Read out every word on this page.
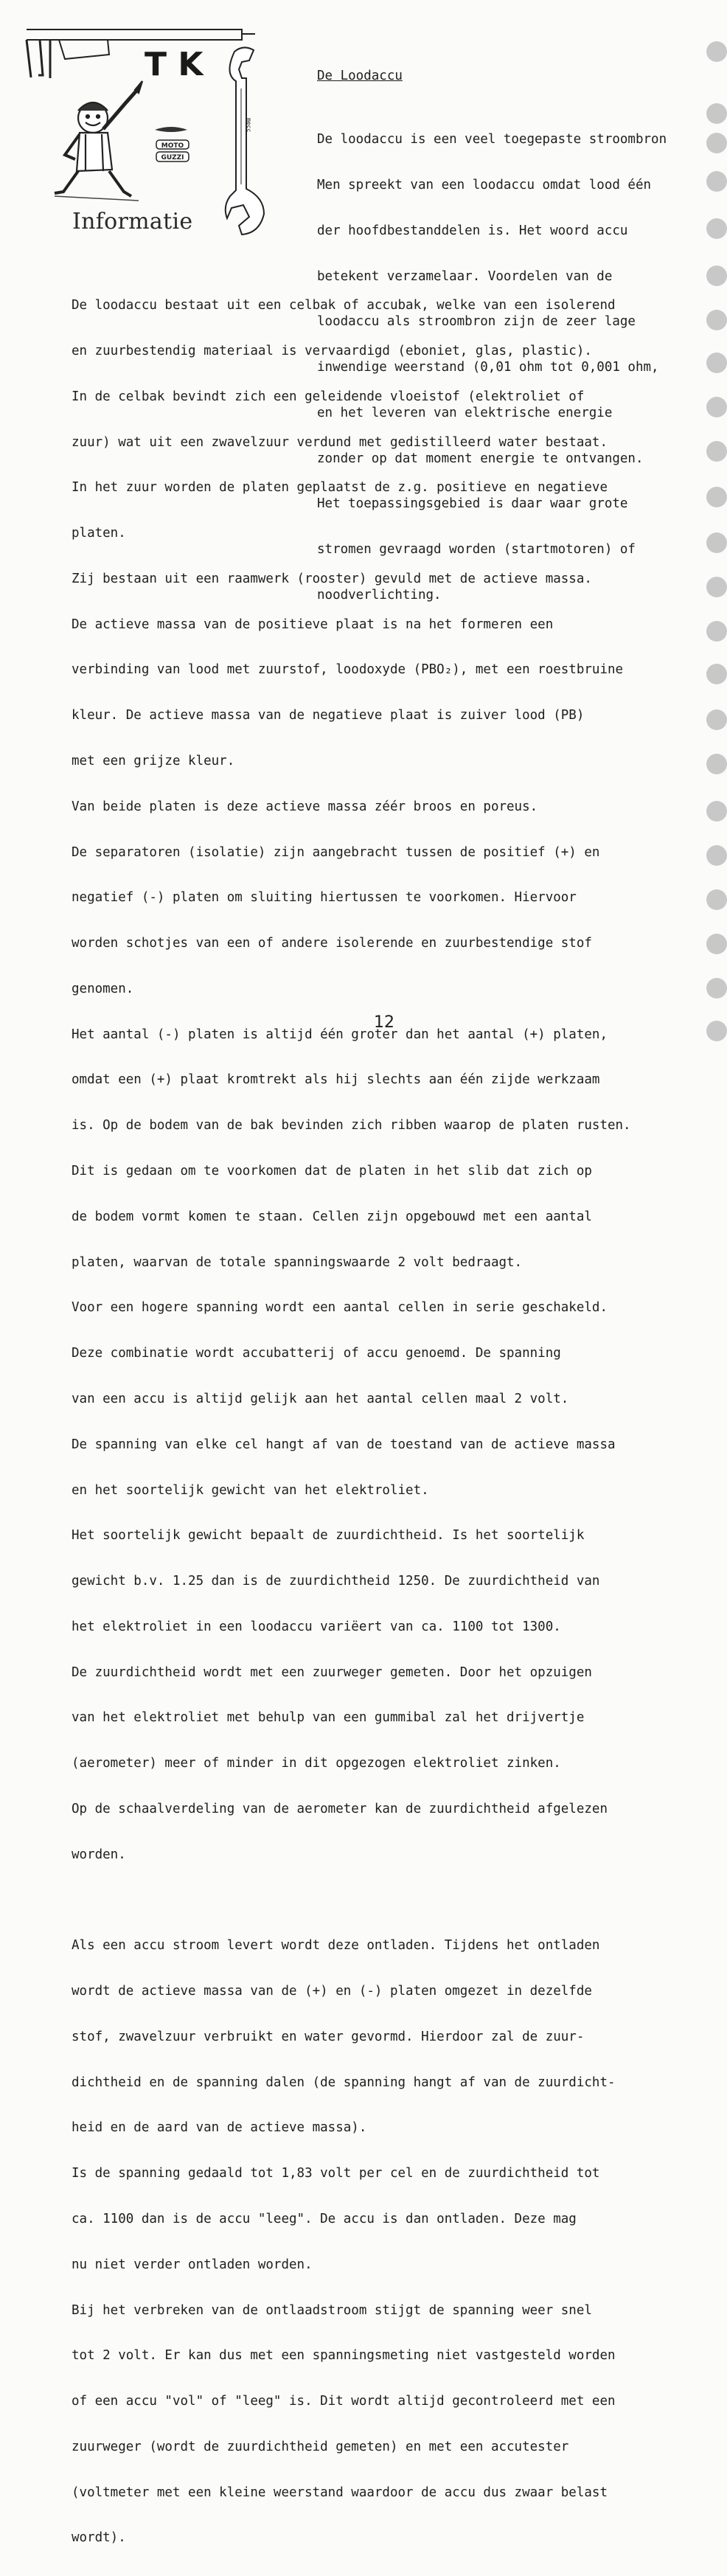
T K
MOTO
GUZZI
mecc
Informatie
De Loodaccu

De loodaccu is een veel toegepaste stroombron

Men spreekt van een loodaccu omdat lood één

der hoofdbestanddelen is. Het woord accu

betekent verzamelaar. Voordelen van de

loodaccu als stroombron zijn de zeer lage

inwendige weerstand (0,01 ohm tot 0,001 ohm,

en het leveren van elektrische energie

zonder op dat moment energie te ontvangen.

Het toepassingsgebied is daar waar grote

stromen gevraagd worden (startmotoren) of

noodverlichting.

De loodaccu bestaat uit een celbak of accubak, welke van een isolerend

en zuurbestendig materiaal is vervaardigd (eboniet, glas, plastic).

In de celbak bevindt zich een geleidende vloeistof (elektroliet of

zuur) wat uit een zwavelzuur verdund met gedistilleerd water bestaat.

In het zuur worden de platen geplaatst de z.g. positieve en negatieve

platen.

Zij bestaan uit een raamwerk (rooster) gevuld met de actieve massa.

De actieve massa van de positieve plaat is na het formeren een

verbinding van lood met zuurstof, loodoxyde (PBO₂), met een roestbruine

kleur. De actieve massa van de negatieve plaat is zuiver lood (PB)

met een grijze kleur.

Van beide platen is deze actieve massa zéér broos en poreus.

De separatoren (isolatie) zijn aangebracht tussen de positief (+) en

negatief (-) platen om sluiting hiertussen te voorkomen. Hiervoor

worden schotjes van een of andere isolerende en zuurbestendige stof

genomen.

Het aantal (-) platen is altijd één groter dan het aantal (+) platen,

omdat een (+) plaat kromtrekt als hij slechts aan één zijde werkzaam

is. Op de bodem van de bak bevinden zich ribben waarop de platen rusten.

Dit is gedaan om te voorkomen dat de platen in het slib dat zich op

de bodem vormt komen te staan. Cellen zijn opgebouwd met een aantal

platen, waarvan de totale spanningswaarde 2 volt bedraagt.

Voor een hogere spanning wordt een aantal cellen in serie geschakeld.

Deze combinatie wordt accubatterij of accu genoemd. De spanning

van een accu is altijd gelijk aan het aantal cellen maal 2 volt.

De spanning van elke cel hangt af van de toestand van de actieve massa

en het soortelijk gewicht van het elektroliet.

Het soortelijk gewicht bepaalt de zuurdichtheid. Is het soortelijk

gewicht b.v. 1.25 dan is de zuurdichtheid 1250. De zuurdichtheid van

het elektroliet in een loodaccu variëert van ca. 1100 tot 1300.

De zuurdichtheid wordt met een zuurweger gemeten. Door het opzuigen

van het elektroliet met behulp van een gummibal zal het drijvertje

(aerometer) meer of minder in dit opgezogen elektroliet zinken.

Op de schaalverdeling van de aerometer kan de zuurdichtheid afgelezen

worden.

Als een accu stroom levert wordt deze ontladen. Tijdens het ontladen

wordt de actieve massa van de (+) en (-) platen omgezet in dezelfde

stof, zwavelzuur verbruikt en water gevormd. Hierdoor zal de zuur-

dichtheid en de spanning dalen (de spanning hangt af van de zuurdicht-

heid en de aard van de actieve massa).

Is de spanning gedaald tot 1,83 volt per cel en de zuurdichtheid tot

ca. 1100 dan is de accu "leeg". De accu is dan ontladen. Deze mag

nu niet verder ontladen worden.

Bij het verbreken van de ontlaadstroom stijgt de spanning weer snel

tot 2 volt. Er kan dus met een spanningsmeting niet vastgesteld worden

of een accu "vol" of "leeg" is. Dit wordt altijd gecontroleerd met een

zuurweger (wordt de zuurdichtheid gemeten) en met een accutester

(voltmeter met een kleine weerstand waardoor de accu dus zwaar belast

wordt).

12
